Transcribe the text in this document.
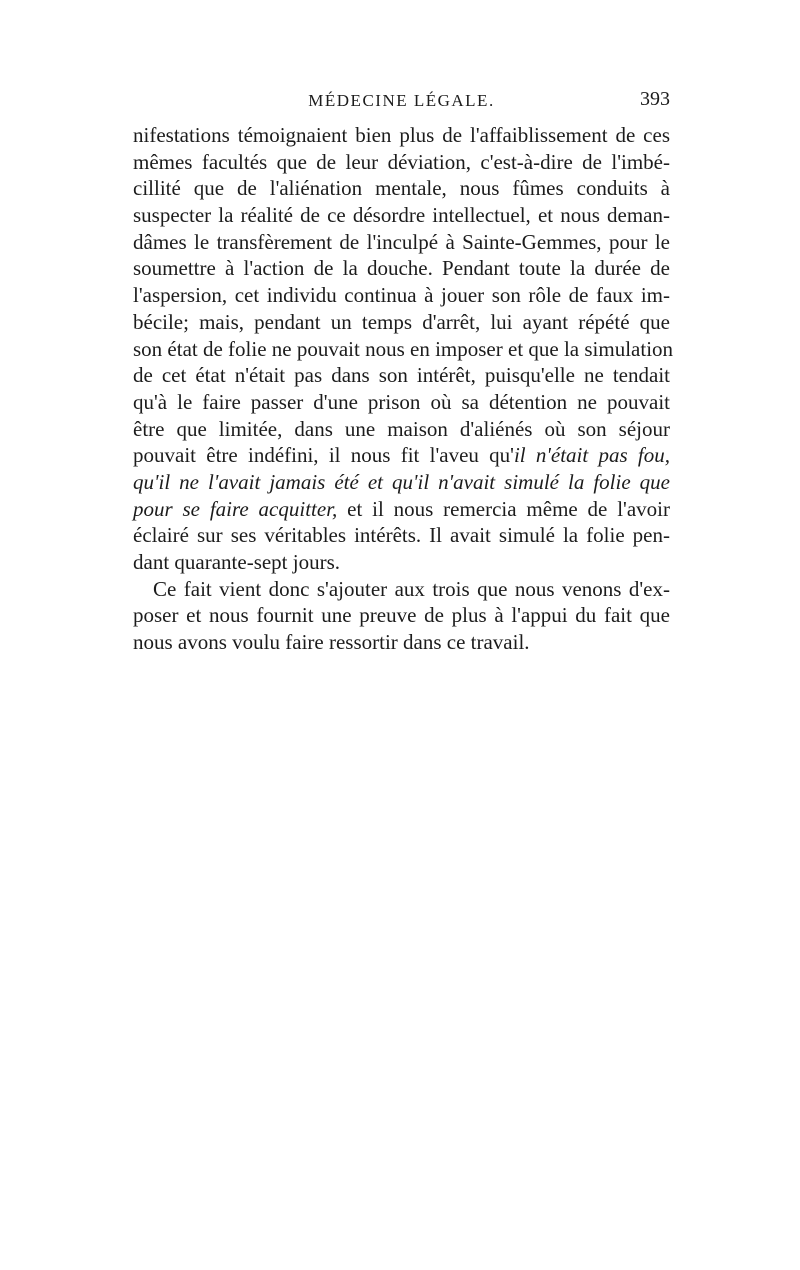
MÉDECINE LÉGALE.	393
nifestations témoignaient bien plus de l'affaiblissement de ces
mêmes facultés que de leur déviation, c'est-à-dire de l'imbé-
cillité que de l'aliénation mentale, nous fûmes conduits à
suspecter la réalité de ce désordre intellectuel, et nous deman-
dâmes le transfèrement de l'inculpé à Sainte-Gemmes, pour le
soumettre à l'action de la douche. Pendant toute la durée de
l'aspersion, cet individu continua à jouer son rôle de faux im-
bécile; mais, pendant un temps d'arrêt, lui ayant répété que
son état de folie ne pouvait nous en imposer et que la simulation
de cet état n'était pas dans son intérêt, puisqu'elle ne tendait
qu'à le faire passer d'une prison où sa détention ne pouvait
être que limitée, dans une maison d'aliénés où son séjour
pouvait être indéfini, il nous fit l'aveu qu'il n'était pas fou,
qu'il ne l'avait jamais été et qu'il n'avait simulé la folie que
pour se faire acquitter, et il nous remercia même de l'avoir
éclairé sur ses véritables intérêts. Il avait simulé la folie pen-
dant quarante-sept jours.
Ce fait vient donc s'ajouter aux trois que nous venons d'ex-
poser et nous fournit une preuve de plus à l'appui du fait que
nous avons voulu faire ressortir dans ce travail.
